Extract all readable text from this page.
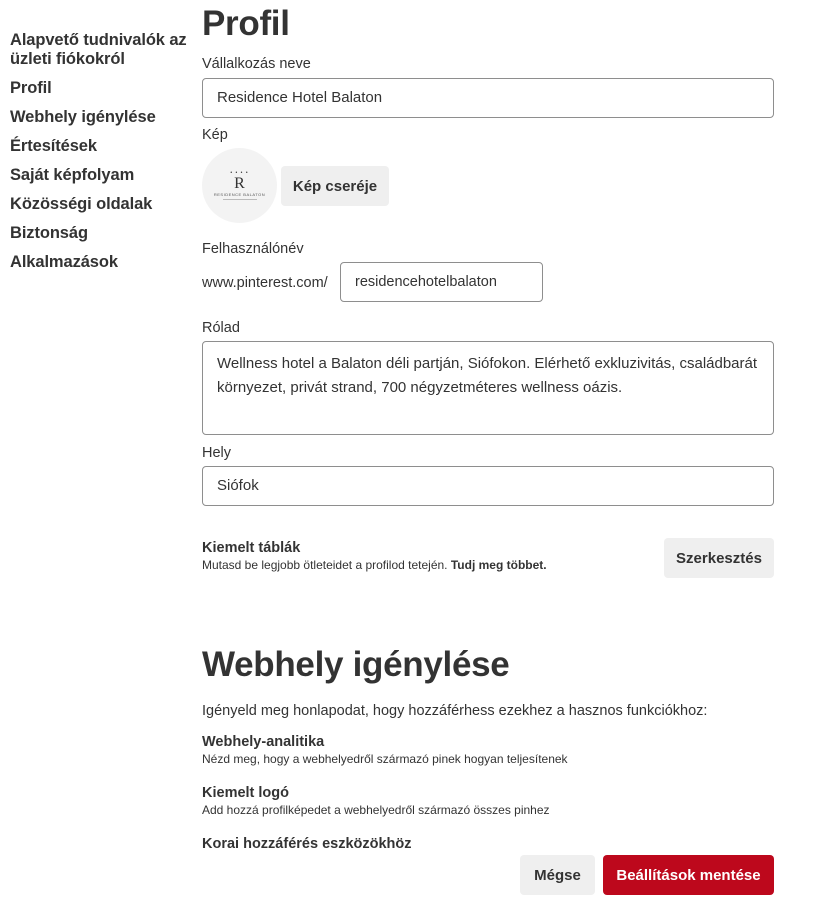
Alapvető tudnivalók az üzleti fiókokról
Profil
Webhely igénylése
Értesítések
Saját képfolyam
Közösségi oldalak
Biztonság
Alkalmazások
Profil
Vállalkozás neve
Residence Hotel Balaton
Kép
• • • •
R
RESIDENCE BALATON	Kép cseréje
Felhasználónév
www.pinterest.com/	residencehotelbalaton
Rólad
Wellness hotel a Balaton déli partján, Siófokon. Elérhető exkluzivitás, családbarát környezet, privát strand, 700 négyzetméteres wellness oázis.
Hely
Siófok
Kiemelt táblák
Mutasd be legjobb ötleteidet a profilod tetején. Tudj meg többet.	Szerkesztés
Webhely igénylése
Igényeld meg honlapodat, hogy hozzáférhess ezekhez a hasznos funkciókhoz:
Webhely-analitika
Nézd meg, hogy a webhelyedről származó pinek hogyan teljesítenek
Kiemelt logó
Add hozzá profilképedet a webhelyedről származó összes pinhez
Korai hozzáférés eszközökhöz
Mégse	Beállítások mentése
